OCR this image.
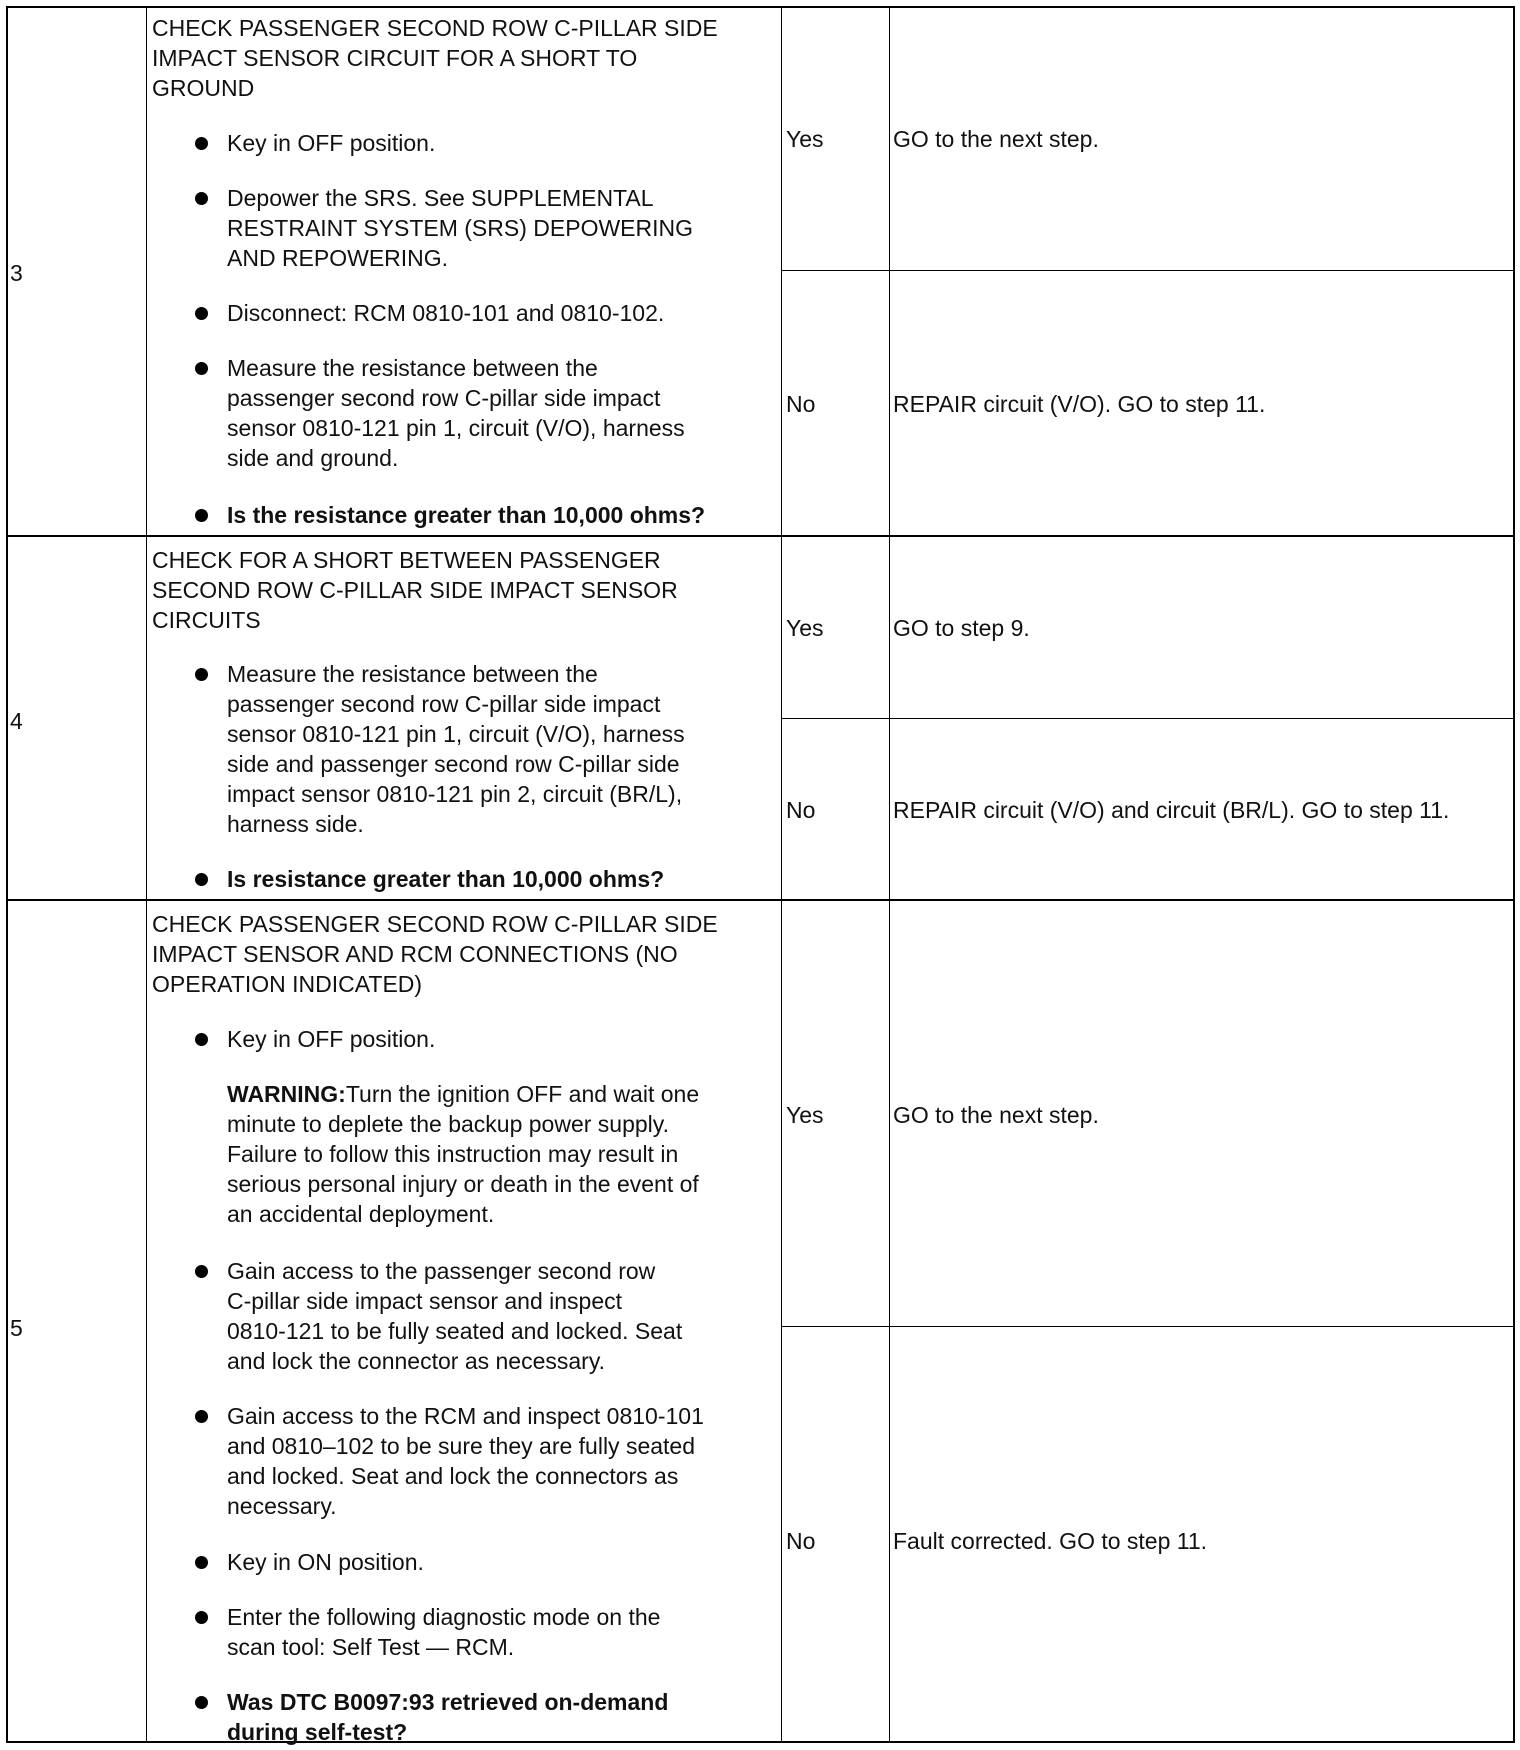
3
CHECK PASSENGER SECOND ROW C-PILLAR SIDE
IMPACT SENSOR CIRCUIT FOR A SHORT TO
GROUND
Key in OFF position.
Depower the SRS. See SUPPLEMENTAL
RESTRAINT SYSTEM (SRS) DEPOWERING
AND REPOWERING.
Disconnect: RCM 0810-101 and 0810-102.
Measure the resistance between the
passenger second row C-pillar side impact
sensor 0810-121 pin 1, circuit (V/O), harness
side and ground.
Is the resistance greater than 10,000 ohms?
Yes	GO to the next step.
No	REPAIR circuit (V/O). GO to step 11.
4
CHECK FOR A SHORT BETWEEN PASSENGER
SECOND ROW C-PILLAR SIDE IMPACT SENSOR
CIRCUITS
Measure the resistance between the
passenger second row C-pillar side impact
sensor 0810-121 pin 1, circuit (V/O), harness
side and passenger second row C-pillar side
impact sensor 0810-121 pin 2, circuit (BR/L),
harness side.
Is resistance greater than 10,000 ohms?
Yes	GO to step 9.
No	REPAIR circuit (V/O) and circuit (BR/L). GO to step 11.
5
CHECK PASSENGER SECOND ROW C-PILLAR SIDE
IMPACT SENSOR AND RCM CONNECTIONS (NO
OPERATION INDICATED)
Key in OFF position.
WARNING:Turn the ignition OFF and wait one
minute to deplete the backup power supply.
Failure to follow this instruction may result in
serious personal injury or death in the event of
an accidental deployment.
Gain access to the passenger second row
C-pillar side impact sensor and inspect
0810-121 to be fully seated and locked. Seat
and lock the connector as necessary.
Gain access to the RCM and inspect 0810-101
and 0810–102 to be sure they are fully seated
and locked. Seat and lock the connectors as
necessary.
Key in ON position.
Enter the following diagnostic mode on the
scan tool: Self Test — RCM.
Was DTC B0097:93 retrieved on-demand
during self-test?
Yes	GO to the next step.
No	Fault corrected. GO to step 11.
